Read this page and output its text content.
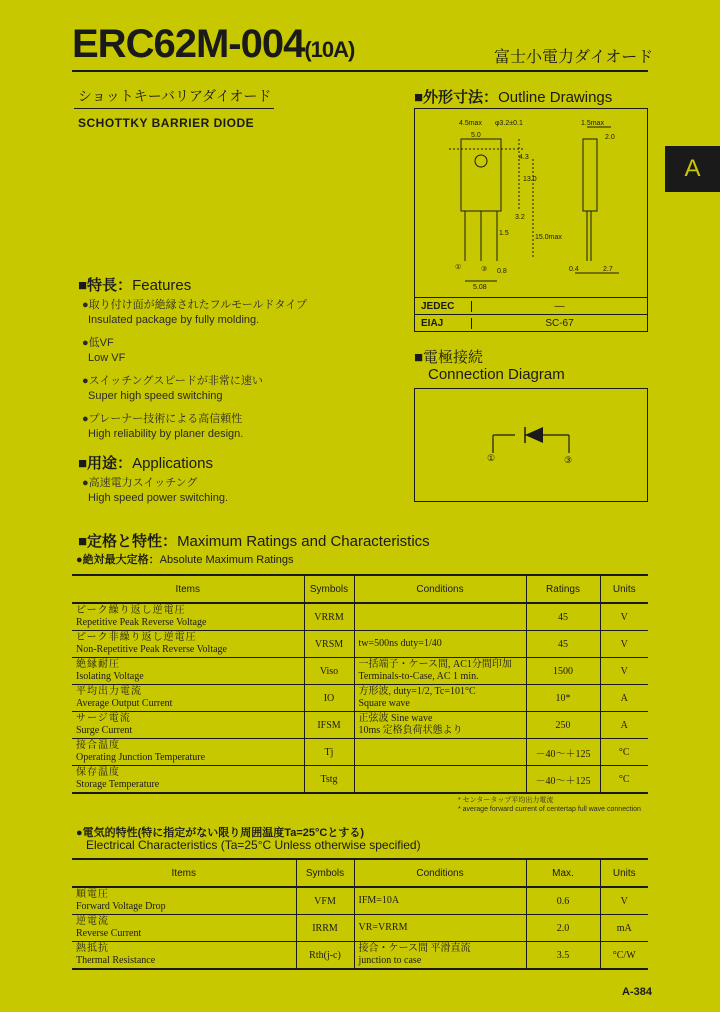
ERC62M-004(10A)	富士小電力ダイオード
ショットキーバリアダイオード
SCHOTTKY BARRIER DIODE
■外形寸法：Outline Drawings
4.5max
5.0
φ3.2±0.1
4.3
2.0
13.0
3.2
1.5
15.0max
0.8	0.4	2.7
5.08
1.5max
①	③
JEDEC	—
EIAJ	SC-67
A
■特長：Features
●取り付け面が絶縁されたフルモールドタイプ
Insulated package by fully molding.
●低VF
Low VF
●スイッチングスピードが非常に速い
Super high speed switching
●プレーナー技術による高信頼性
High reliability by planer design.
■用途：Applications
●高速電力スイッチング
High speed power switching.
■電極接続
Connection Diagram
①	③
■定格と特性：Maximum Ratings and Characteristics
●絶対最大定格：Absolute Maximum Ratings
Items	Symbols	Conditions	Ratings	Units

ピーク繰り返し逆電圧
Repetitive Peak Reverse Voltage	VRRM		45	V

ピーク非繰り返し逆電圧
Non-Repetitive Peak Reverse Voltage	VRSM	tw=500ns duty=1/40	45	V

絶縁耐圧
Isolating Voltage	Viso	一括端子・ケース間, AC1分間印加
Terminals-to-Case, AC 1 min.	1500	V

平均出力電流
Average Output Current	IO	方形波, duty=1/2, Tc=101°C
Square wave	10*	A

サージ電流
Surge Current	IFSM	正弦波 Sine wave
10ms 定格負荷状態より	250	A

接合温度
Operating Junction Temperature	Tj		－40～＋125	°C

保存温度
Storage Temperature	Tstg		－40～＋125	°C
* センタータップ平均出力電流
* average forward current of centertap full wave connection
●電気的特性(特に指定がない限り周囲温度Ta=25°Cとする)
Electrical Characteristics (Ta=25°C Unless otherwise specified)
Items	Symbols	Conditions	Max.	Units

順電圧
Forward Voltage Drop	VFM	IFM=10A	0.6	V

逆電流
Reverse Current	IRRM	VR=VRRM	2.0	mA

熱抵抗
Thermal Resistance	Rth(j-c)	接合・ケース間 平滑直流
junction to case	3.5	°C/W
A-384
